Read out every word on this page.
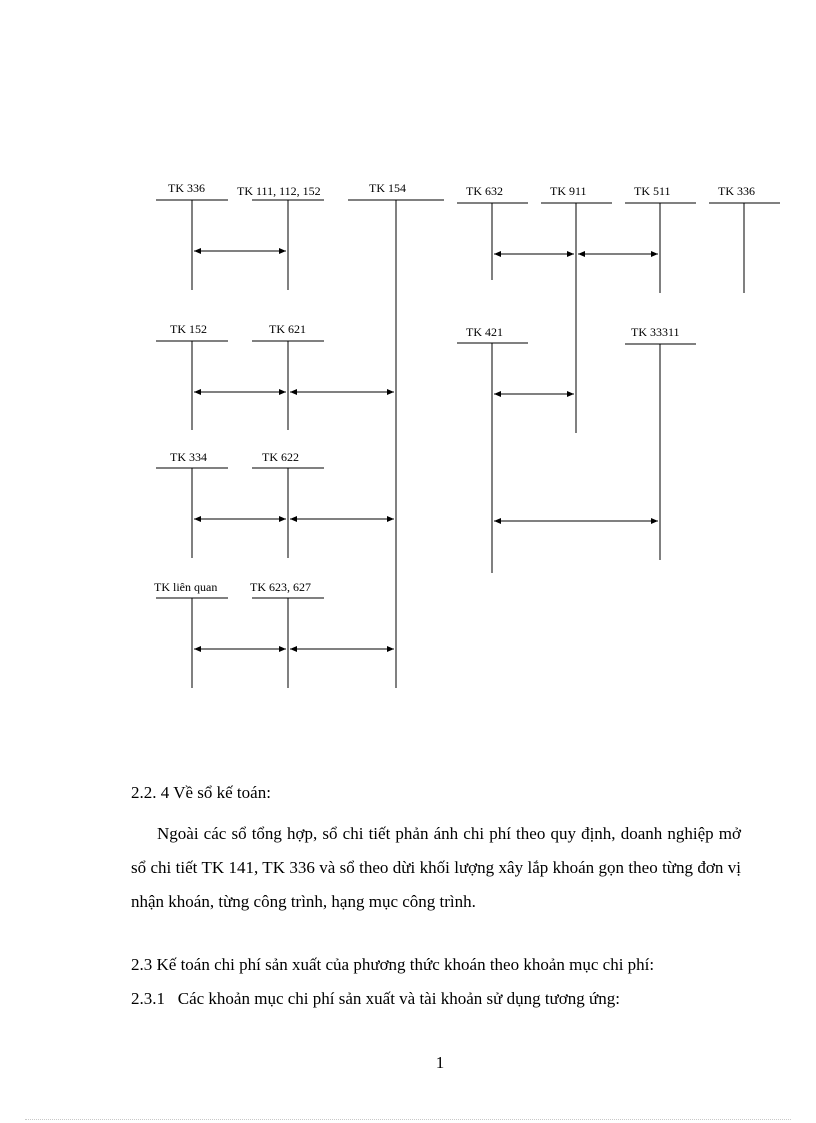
TK 336	TK 111, 112, 152	TK 154	TK 632	TK 911	TK 511	TK 336
TK 152	TK 621	TK 421	TK 33311
TK 334	TK 622
TK liên quan	TK 623, 627
2.2. 4 Về sổ kế toán:
Ngoài các sổ tổng hợp, sổ chi tiết phản ánh chi phí theo quy định, doanh nghiệp mở sổ chi tiết TK 141, TK 336 và sổ theo dừi khối lượng xây lắp khoán gọn theo từng đơn vị nhận khoán, từng công trình, hạng mục công trình.
2.3 Kế toán chi phí sản xuất của phương thức khoán theo khoản mục chi phí:
2.3.1   Các khoản mục chi phí sản xuất và tài khoản sử dụng tương ứng:
1
